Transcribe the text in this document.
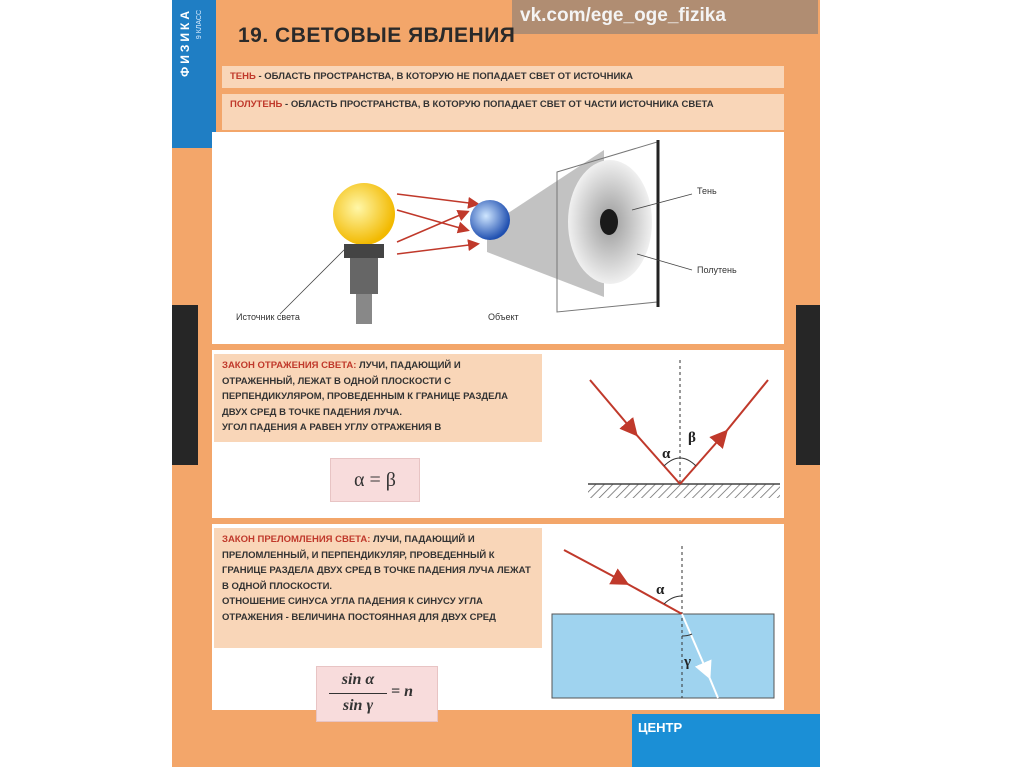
ФИЗИКА 9 КЛАСС	vk.com/ege_oge_fizika
19. СВЕТОВЫЕ ЯВЛЕНИЯ
ТЕНЬ - ОБЛАСТЬ ПРОСТРАНСТВА, В КОТОРУЮ НЕ ПОПАДАЕТ СВЕТ ОТ ИСТОЧНИКА
ПОЛУТЕНЬ - ОБЛАСТЬ ПРОСТРАНСТВА, В КОТОРУЮ ПОПАДАЕТ СВЕТ ОТ ЧАСТИ ИСТОЧНИКА СВЕТА
Тень
Полутень
Источник света	Объект
ЗАКОН ОТРАЖЕНИЯ СВЕТА: ЛУЧИ, ПАДАЮЩИЙ И ОТРАЖЕННЫЙ, ЛЕЖАТ В ОДНОЙ ПЛОСКОСТИ С ПЕРПЕНДИКУЛЯРОМ, ПРОВЕДЕННЫМ К ГРАНИЦЕ РАЗДЕЛА ДВУХ СРЕД В ТОЧКЕ ПАДЕНИЯ ЛУЧА.
УГОЛ ПАДЕНИЯ Α РАВЕН УГЛУ ОТРАЖЕНИЯ Β
α = β
α
β
ЗАКОН ПРЕЛОМЛЕНИЯ СВЕТА: ЛУЧИ, ПАДАЮЩИЙ И ПРЕЛОМЛЕННЫЙ, И ПЕРПЕНДИКУЛЯР, ПРОВЕДЕННЫЙ К ГРАНИЦЕ РАЗДЕЛА ДВУХ СРЕД В ТОЧКЕ ПАДЕНИЯ ЛУЧА ЛЕЖАТ В ОДНОЙ ПЛОСКОСТИ.
ОТНОШЕНИЕ СИНУСА УГЛА ПАДЕНИЯ К СИНУСУ УГЛА ОТРАЖЕНИЯ - ВЕЛИЧИНА ПОСТОЯННАЯ ДЛЯ ДВУХ СРЕД
sin α
sin γ
= n
α
γ
ЦЕНТР
